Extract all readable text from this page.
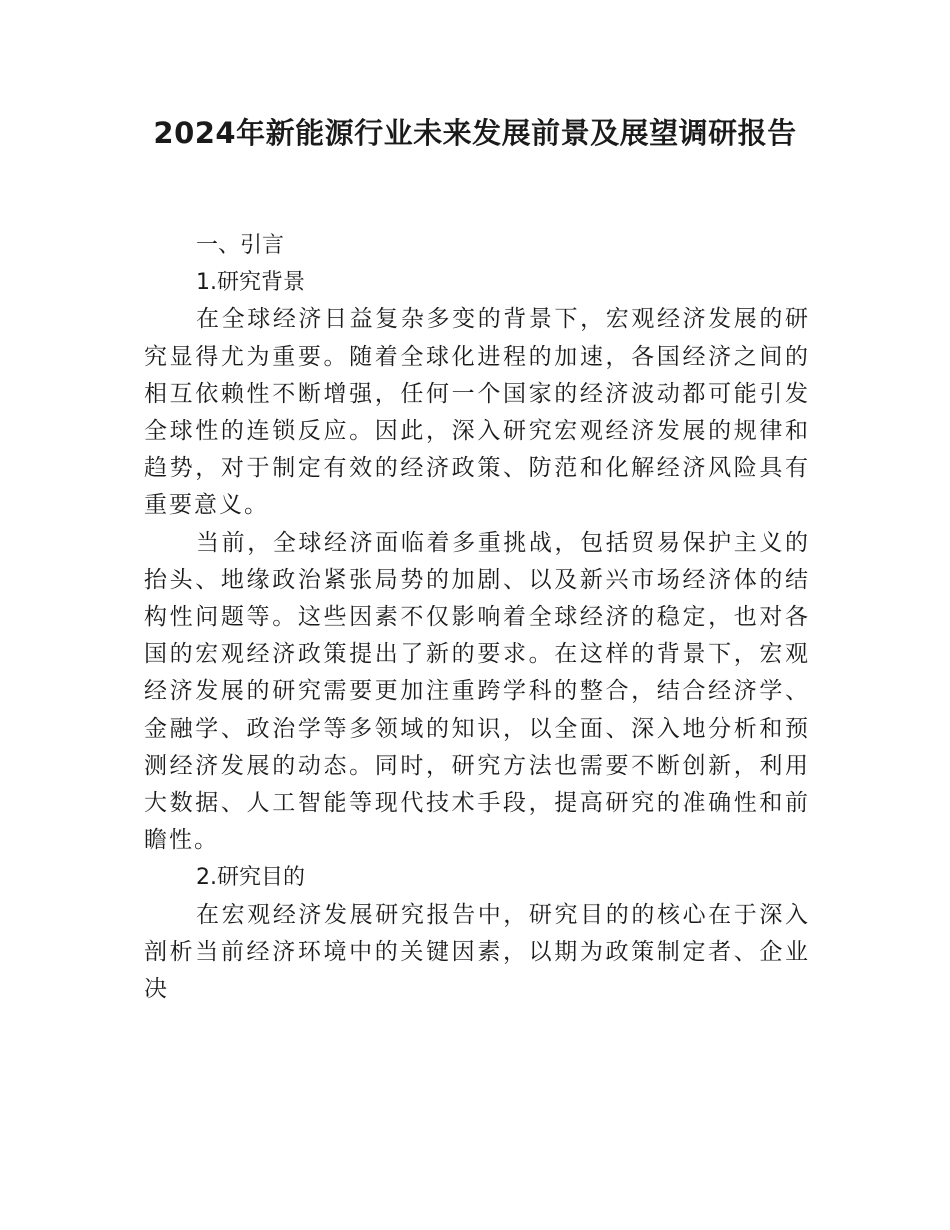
2024年新能源行业未来发展前景及展望调研报告

一、引言

1.研究背景

在全球经济日益复杂多变的背景下，宏观经济发展的研究显得尤为重要。随着全球化进程的加速，各国经济之间的相互依赖性不断增强，任何一个国家的经济波动都可能引发全球性的连锁反应。因此，深入研究宏观经济发展的规律和趋势，对于制定有效的经济政策、防范和化解经济风险具有重要意义。

当前，全球经济面临着多重挑战，包括贸易保护主义的抬头、地缘政治紧张局势的加剧、以及新兴市场经济体的结构性问题等。这些因素不仅影响着全球经济的稳定，也对各国的宏观经济政策提出了新的要求。在这样的背景下，宏观经济发展的研究需要更加注重跨学科的整合，结合经济学、金融学、政治学等多领域的知识，以全面、深入地分析和预测经济发展的动态。同时，研究方法也需要不断创新，利用大数据、人工智能等现代技术手段，提高研究的准确性和前瞻性。

2.研究目的

在宏观经济发展研究报告中，研究目的的核心在于深入剖析当前经济环境中的关键因素，以期为政策制定者、企业决
